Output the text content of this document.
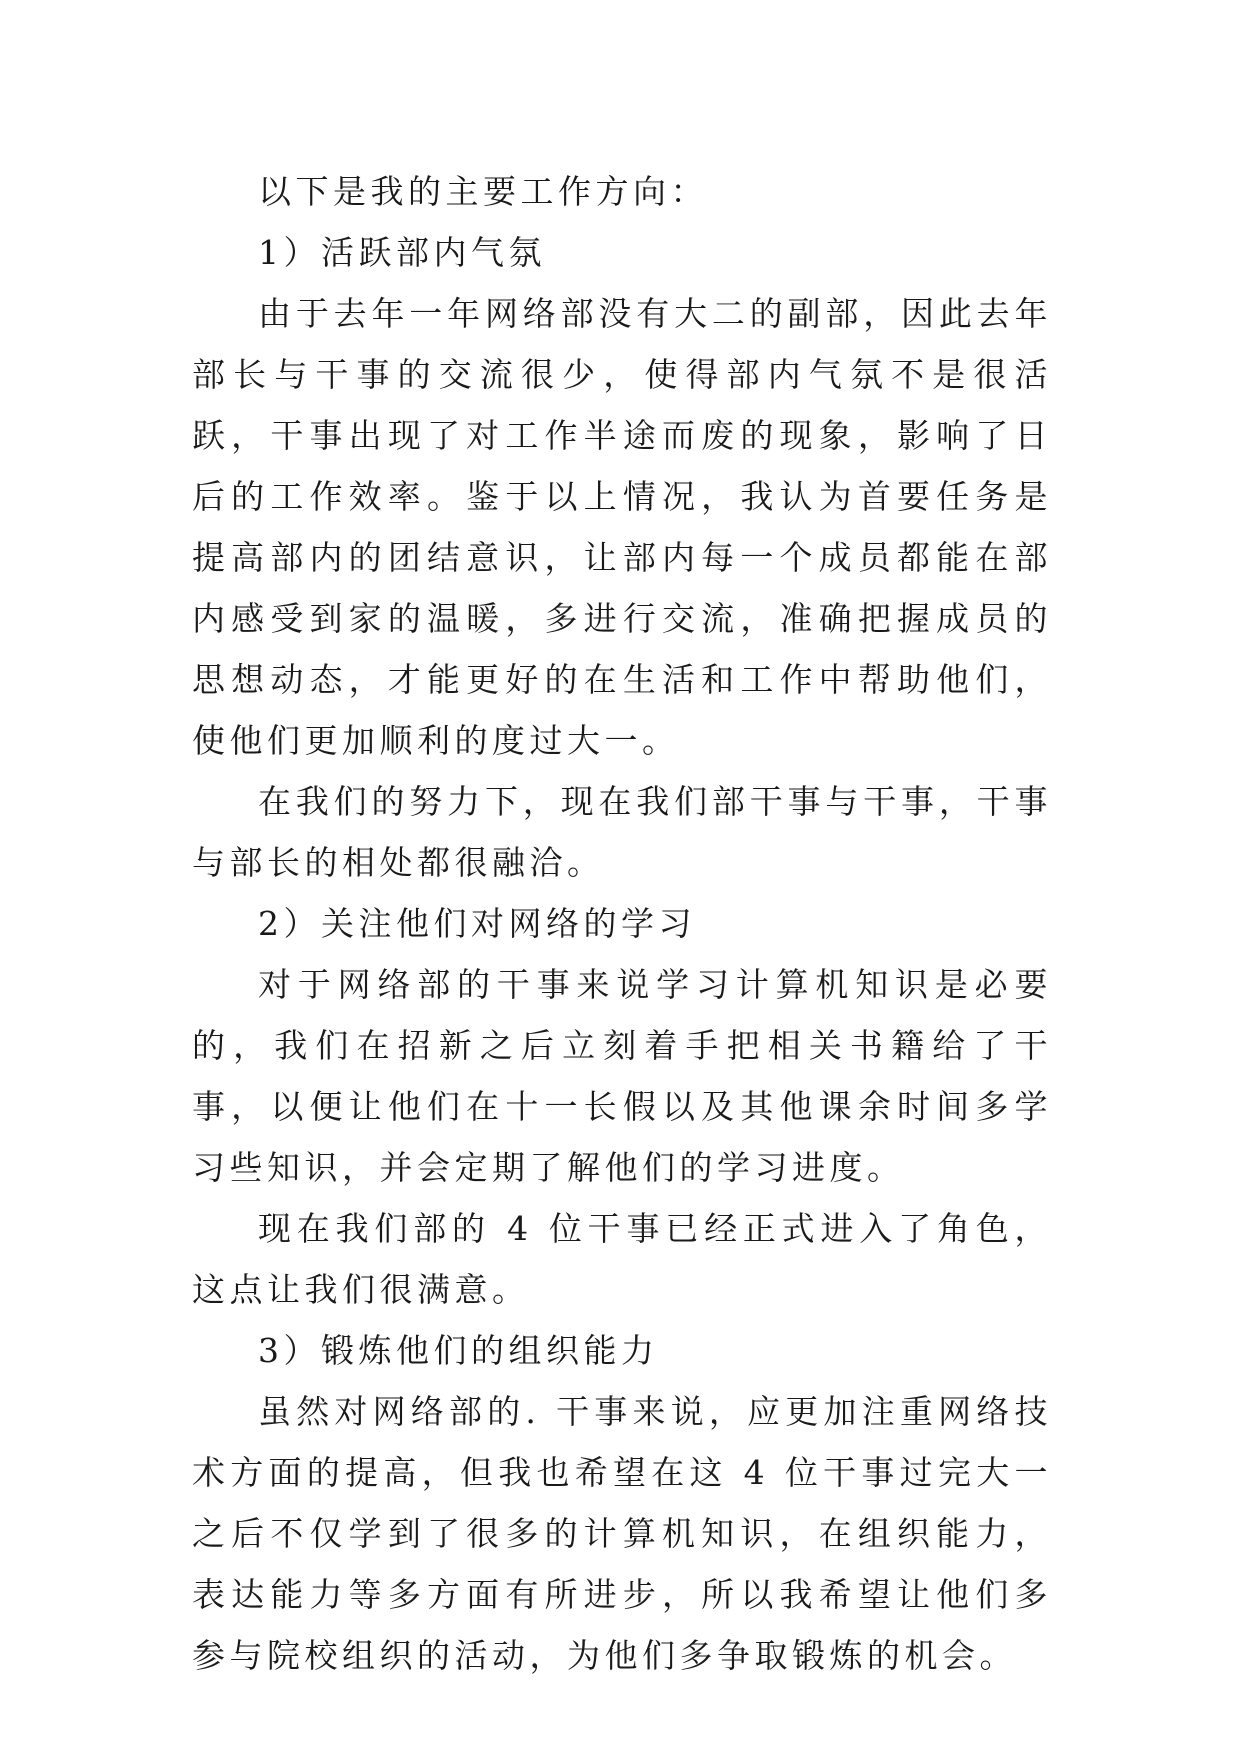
以下是我的主要工作方向：

1）活跃部内气氛

由于去年一年网络部没有大二的副部，因此去年部长与干事的交流很少，使得部内气氛不是很活跃，干事出现了对工作半途而废的现象，影响了日后的工作效率。鉴于以上情况，我认为首要任务是提高部内的团结意识，让部内每一个成员都能在部内感受到家的温暖，多进行交流，准确把握成员的思想动态，才能更好的在生活和工作中帮助他们，使他们更加顺利的度过大一。

在我们的努力下，现在我们部干事与干事，干事与部长的相处都很融洽。

2）关注他们对网络的学习

对于网络部的干事来说学习计算机知识是必要的，我们在招新之后立刻着手把相关书籍给了干事，以便让他们在十一长假以及其他课余时间多学习些知识，并会定期了解他们的学习进度。

现在我们部的 4 位干事已经正式进入了角色，这点让我们很满意。

3）锻炼他们的组织能力

虽然对网络部的. 干事来说，应更加注重网络技术方面的提高，但我也希望在这 4 位干事过完大一之后不仅学到了很多的计算机知识，在组织能力，表达能力等多方面有所进步，所以我希望让他们多参与院校组织的活动，为他们多争取锻炼的机会。
